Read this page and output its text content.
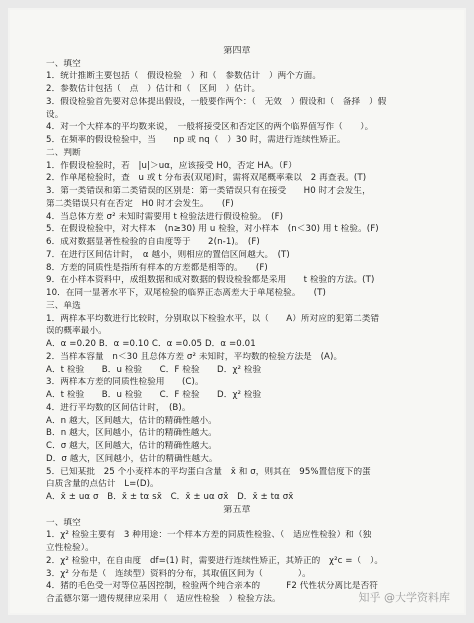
第四章
一、填空
1．统计推断主要包括（　假设检验　）和（　参数估计　）两个方面。
2．参数估计包括（　点　）估计和（　区间　）估计。
3．假设检验首先要对总体提出假设，一般要作两个：（　无效　）假设和（　备择　）假
设。
4．对一个大样本的平均数来说，　一般将接受区和否定区的两个临界值写作（　　）。
5．在频率的假设检验中，当　　np 或 nq（　）30 时，需进行连续性矫正。
二、判断
1．作假设检验时，若　|u|＞uα，应该接受 H0，否定 HA。（F）
2．作单尾检验时，查　u 或 t 分布表(双尾)时，需将双尾概率乘以　2 再查表。(T)
3．第一类错误和第二类错误的区别是：第一类错误只有在接受　　H0 时才会发生，
第二类错误只有在否定　H0 时才会发生。　　(F)
4．当总体方差 σ² 未知时需要用 t 检验法进行假设检验。　(F)
5．在假设检验中，对大样本　(n≥30) 用 u 检验，对小样本　(n＜30) 用 t 检验。(F)
6．成对数据显著性检验的自由度等于　　2(n-1)。　(F)
7．在进行区间估计时，　α 越小，则相应的置信区间越大。　(T)
8．方差的同质性是指所有样本的方差都是相等的。　　(F)
9．在小样本资料中，成组数据和成对数据的假设检验都是采用　　t 检验的方法。(T)
10．在同一显著水平下，双尾检验的临界正态离差大于单尾检验。　　(T)
三、单选
1．两样本平均数进行比较时，分别取以下检验水平，以（　　A）所对应的犯第二类错
误的概率最小。
A．α =0.20 B．α =0.10 C．α =0.05 D．α =0.01
2．当样本容量　n＜30 且总体方差 σ² 未知时，平均数的检验方法是　(A)。
A．t 检验　　B．u 检验　　C．F 检验　　D．χ² 检验
3．两样本方差的同质性检验用　　(C)。
A．t 检验　　B．u 检验　　C．F 检验　　D．χ² 检验
4．进行平均数的区间估计时，　(B)。
A．n 越大，区间越大，估计的精确性越小。
B．n 越大，区间越小，估计的精确性越大。
C．σ 越大，区间越大，估计的精确性越大。
D．σ 越大，区间越小，估计的精确性越大。
5．已知某批　25 个小麦样本的平均蛋白含量　x̄ 和 σ，则其在　95%置信度下的蛋
白质含量的点估计　L=(D)。
A．x̄ ± uα σ　B．x̄ ± tα sx̄　C．x̄ ± uα σx̄　D．x̄ ± tα σx̄
第五章
一、填空
1．χ² 检验主要有　3 种用途：一个样本方差的同质性检验、（　适应性检验）和（独
立性检验）。
2．χ² 检验中，在自由度　df=(1) 时，需要进行连续性矫正，其矫正的　χ²c =（　）。
3．χ² 分布是（　连续型）资料的分布，其取值区间为（　　　　）。
4．猪的毛色受一对等位基因控制，检验两个纯合亲本的　　　F2 代性状分离比是否符
合孟德尔第一遗传规律应采用（　适应性检验　）检验方法。	知乎 @大学资料库
